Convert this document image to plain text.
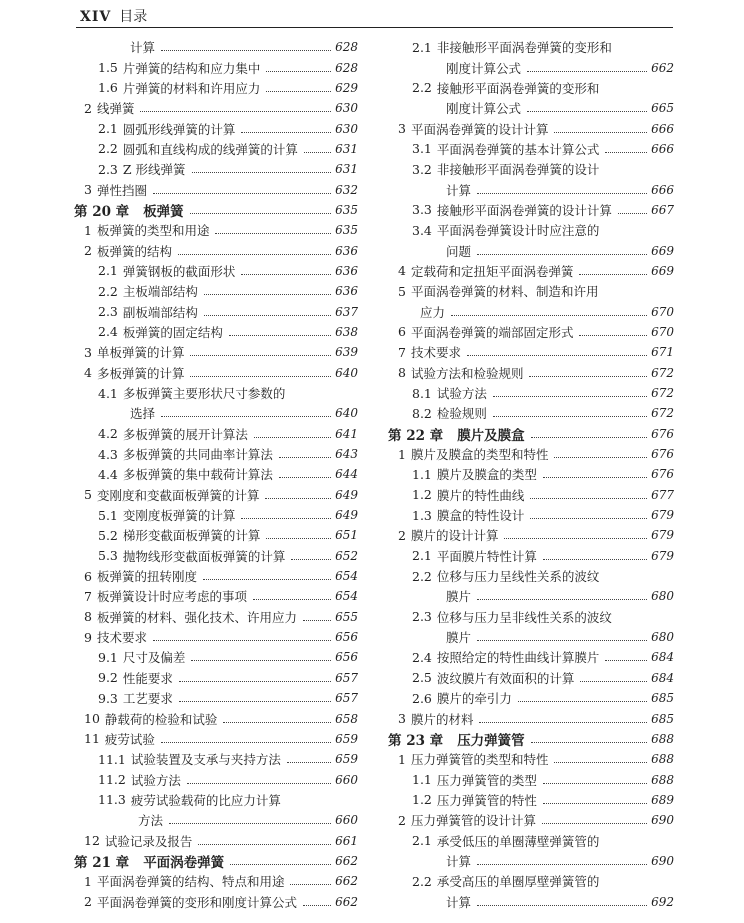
XIV 目录
计算	628
1.5 片弹簧的结构和应力集中	628
1.6 片弹簧的材料和许用应力	629
2 线弹簧	630
2.1 圆弧形线弹簧的计算	630
2.2 圆弧和直线构成的线弹簧的计算	631
2.3 Z 形线弹簧	631
3 弹性挡圈	632
第 20 章 板弹簧	635
1 板弹簧的类型和用途	635
2 板弹簧的结构	636
2.1 弹簧钢板的截面形状	636
2.2 主板端部结构	636
2.3 副板端部结构	637
2.4 板弹簧的固定结构	638
3 单板弹簧的计算	639
4 多板弹簧的计算	640
4.1 多板弹簧主要形状尺寸参数的
选择	640
4.2 多板弹簧的展开计算法	641
4.3 多板弹簧的共同曲率计算法	643
4.4 多板弹簧的集中载荷计算法	644
5 变刚度和变截面板弹簧的计算	649
5.1 变刚度板弹簧的计算	649
5.2 梯形变截面板弹簧的计算	651
5.3 抛物线形变截面板弹簧的计算	652
6 板弹簧的扭转刚度	654
7 板弹簧设计时应考虑的事项	654
8 板弹簧的材料、强化技术、许用应力	655
9 技术要求	656
9.1 尺寸及偏差	656
9.2 性能要求	657
9.3 工艺要求	657
10 静载荷的检验和试验	658
11 疲劳试验	659
11.1 试验装置及支承与夹持方法	659
11.2 试验方法	660
11.3 疲劳试验载荷的比应力计算
方法	660
12 试验记录及报告	661
第 21 章 平面涡卷弹簧	662
1 平面涡卷弹簧的结构、特点和用途	662
2 平面涡卷弹簧的变形和刚度计算公式	662
2.1 非接触形平面涡卷弹簧的变形和
刚度计算公式	662
2.2 接触形平面涡卷弹簧的变形和
刚度计算公式	665
3 平面涡卷弹簧的设计计算	666
3.1 平面涡卷弹簧的基本计算公式	666
3.2 非接触形平面涡卷弹簧的设计
计算	666
3.3 接触形平面涡卷弹簧的设计计算	667
3.4 平面涡卷弹簧设计时应注意的
问题	669
4 定载荷和定扭矩平面涡卷弹簧	669
5 平面涡卷弹簧的材料、制造和许用
应力	670
6 平面涡卷弹簧的端部固定形式	670
7 技术要求	671
8 试验方法和检验规则	672
8.1 试验方法	672
8.2 检验规则	672
第 22 章 膜片及膜盒	676
1 膜片及膜盒的类型和特性	676
1.1 膜片及膜盒的类型	676
1.2 膜片的特性曲线	677
1.3 膜盒的特性设计	679
2 膜片的设计计算	679
2.1 平面膜片特性计算	679
2.2 位移与压力呈线性关系的波纹
膜片	680
2.3 位移与压力呈非线性关系的波纹
膜片	680
2.4 按照给定的特性曲线计算膜片	684
2.5 波纹膜片有效面积的计算	684
2.6 膜片的牵引力	685
3 膜片的材料	685
第 23 章 压力弹簧管	688
1 压力弹簧管的类型和特性	688
1.1 压力弹簧管的类型	688
1.2 压力弹簧管的特性	689
2 压力弹簧管的设计计算	690
2.1 承受低压的单圈薄壁弹簧管的
计算	690
2.2 承受高压的单圈厚壁弹簧管的
计算	692
